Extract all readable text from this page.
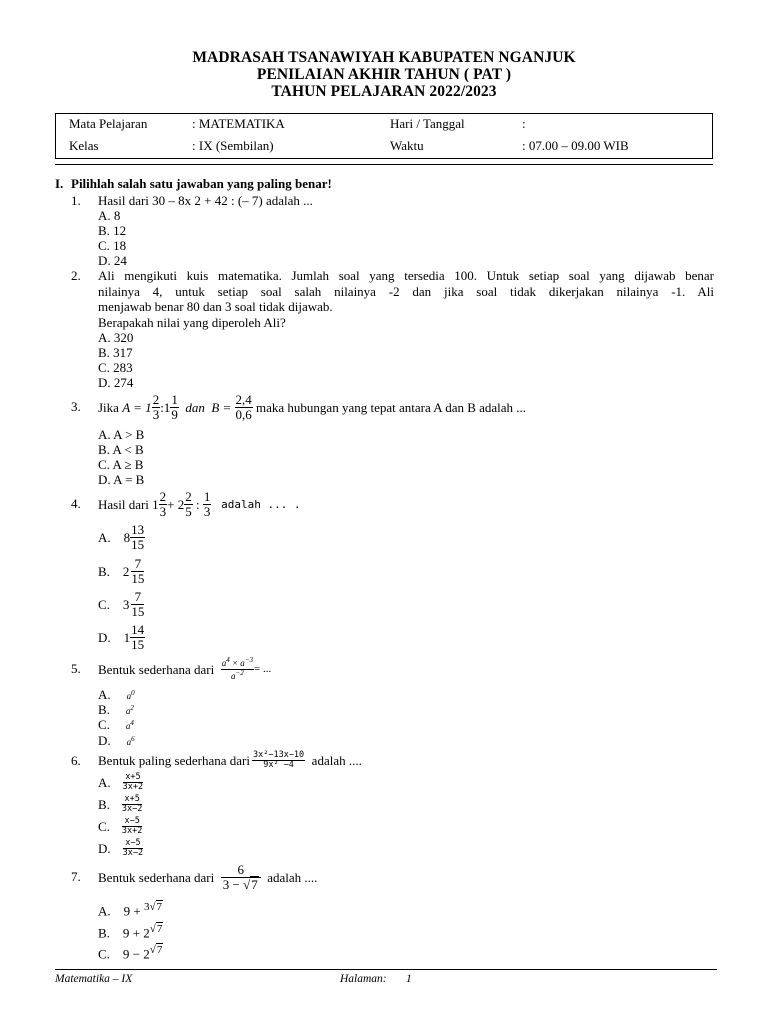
MADRASAH TSANAWIYAH KABUPATEN NGANJUK
PENILAIAN AKHIR TAHUN ( PAT )
TAHUN PELAJARAN 2022/2023
Mata Pelajaran	: MATEMATIKA	Hari / Tanggal	:
Kelas	: IX (Sembilan)	Waktu	: 07.00 – 09.00 WIB
I. Pilihlah salah satu jawaban yang paling benar!
1. Hasil dari 30 – 8x 2 + 42 : (– 7) adalah ...
A. 8
B. 12
C. 18
D. 24
2. Ali mengikuti kuis matematika. Jumlah soal yang tersedia 100. Untuk setiap soal yang dijawab benar
nilainya 4, untuk setiap soal salah nilainya -2 dan jika soal tidak dikerjakan nilainya -1. Ali
menjawab benar 80 dan 3 soal tidak dijawab.
Berapakah nilai yang diperoleh Ali?
A. 320
B. 317
C. 283
D. 274
3. Jika
$A = 1 \frac{2}{3}$ :1 $\frac{1}{9}$
dan
B =
$\frac{2,4}{0,6}$
maka hubungan yang tepat antara A dan B adalah ...
A. A > B
B. A < B
C. A ≥ B
D. A = B
4. Hasil dari
$1 \frac{2}{3} + 2 \frac{2}{5}$
:
$\frac{1}{3}$
adalah ... .
A.
$8 \frac{13}{15}$
B.
$2 \frac{7}{15}$
C.
$3 \frac{7}{15}$
D.
$1 \frac{14}{15}$
5. Bentuk sederhana dari
$\frac{a^4 \times a^{-3}}{a^{-2}}$ = ...
A. $a^0$
B. $a^2$
C. $a^4$
D. $a^6$
6. Bentuk paling sederhana dari $\frac{\text{3x²−13x−10}}{\text{9x² −4}}$
adalah ....
A. $\frac{x+5}{3x+2}$
B. $\frac{x+5}{3x-2}$
C. $\frac{x-5}{3x+2}$
D. $\frac{x-5}{3x-2}$
7. Bentuk sederhana dari
$\frac{6}{3 - √7}$
adalah ....
A. 9 + $^{3√7}$
B. $9 + 2^{√7}$
C. $9 - 2^{√7}$
Matematika – IX	Halaman: 1
